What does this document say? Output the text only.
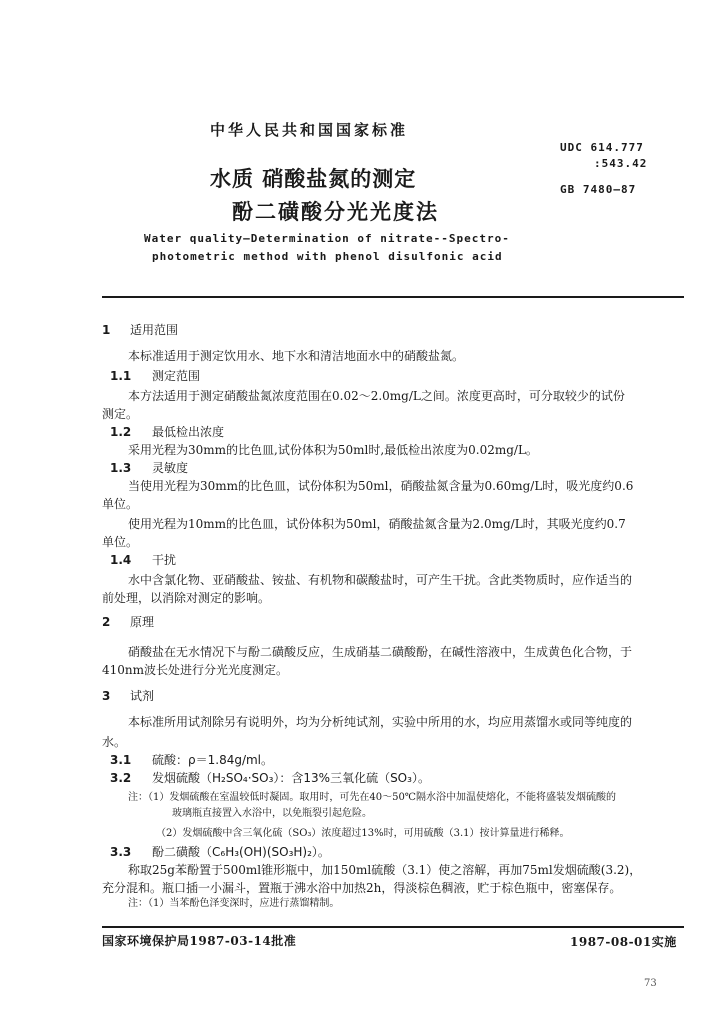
中华人民共和国国家标准
UDC 614.777
:543.42
水质 硝酸盐氮的测定	GB 7480—87
酚二磺酸分光光度法
Water quality—Determination of nitrate--Spectro-
photometric method with phenol disulfonic acid
1 适用范围
本标准适用于测定饮用水、地下水和清洁地面水中的硝酸盐氮。
1.1 测定范围
本方法适用于测定硝酸盐氮浓度范围在0.02～2.0mg/L之间。浓度更高时，可分取较少的试份
测定。
1.2 最低检出浓度
采用光程为30mm的比色皿,试份体积为50ml时,最低检出浓度为0.02mg/L。
1.3 灵敏度
当使用光程为30mm的比色皿，试份体积为50ml，硝酸盐氮含量为0.60mg/L时，吸光度约0.6
单位。
使用光程为10mm的比色皿，试份体积为50ml，硝酸盐氮含量为2.0mg/L时，其吸光度约0.7
单位。
1.4 干扰
水中含氯化物、亚硝酸盐、铵盐、有机物和碳酸盐时，可产生干扰。含此类物质时，应作适当的
前处理，以消除对测定的影响。
2 原理
硝酸盐在无水情况下与酚二磺酸反应，生成硝基二磺酸酚，在碱性溶液中，生成黄色化合物，于
410nm波长处进行分光光度测定。
3 试剂
本标准所用试剂除另有说明外，均为分析纯试剂，实验中所用的水，均应用蒸馏水或同等纯度的
水。
3.1 硫酸：ρ＝1.84g/ml。
3.2 发烟硫酸（H₂SO₄·SO₃）：含13%三氧化硫（SO₃）。
注：（1）发烟硫酸在室温较低时凝固。取用时，可先在40～50℃隔水浴中加温使熔化，不能将盛装发烟硫酸的
玻璃瓶直接置入水浴中，以免瓶裂引起危险。
（2）发烟硫酸中含三氧化硫（SO₃）浓度超过13%时，可用硫酸（3.1）按计算量进行稀释。
3.3 酚二磺酸（C₆H₃(OH)(SO₃H)₂）。
称取25g苯酚置于500ml锥形瓶中，加150ml硫酸（3.1）使之溶解，再加75ml发烟硫酸(3.2)，
充分混和。瓶口插一小漏斗，置瓶于沸水浴中加热2h，得淡棕色稠液，贮于棕色瓶中，密塞保存。
注：（1）当苯酚色泽变深时，应进行蒸馏精制。
国家环境保护局1987-03-14批准	1987-08-01实施
73
